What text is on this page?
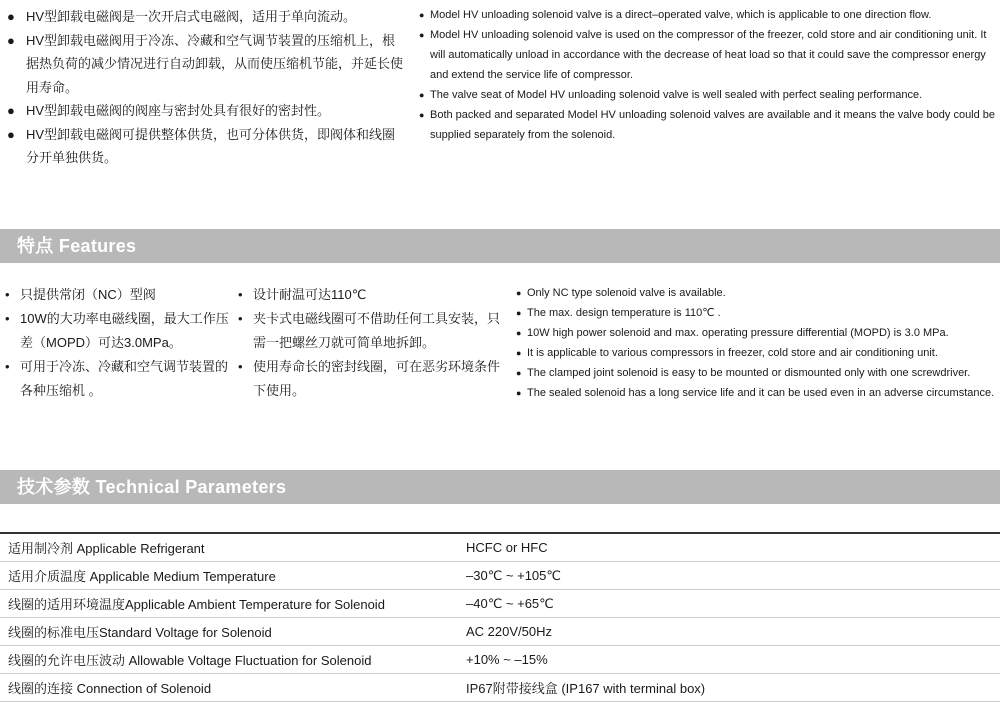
● HV型卸载电磁阀是一次开启式电磁阀，适用于单向流动。
● HV型卸载电磁阀用于冷冻、冷藏和空气调节装置的压缩机上，根据热负荷的减少情况进行自动卸载，从而使压缩机节能，并延长使用寿命。
● HV型卸载电磁阀的阀座与密封处具有很好的密封性。
● HV型卸载电磁阀可提供整体供货，也可分体供货，即阀体和线圈分开单独供货。
● Model HV unloading solenoid valve is a direct–operated valve, which is applicable to one direction flow.
● Model HV unloading solenoid valve is used on the compressor of the freezer, cold store and air conditioning unit. It will automatically unload in accordance with the decrease of heat load so that it could save the compressor energy and extend the service life of compressor.
● The valve seat of Model HV unloading solenoid valve is well sealed with perfect sealing performance.
● Both packed and separated Model HV unloading solenoid valves are available and it means the valve body could be supplied separately from the solenoid.
特点 Features
• 只提供常闭（NC）型阀
• 10W的大功率电磁线圈，最大工作压差（MOPD）可达3.0MPa。
• 可用于冷冻、冷藏和空气调节装置的各种压缩机 。
• 设计耐温可达110℃
• 夹卡式电磁线圈可不借助任何工具安装，只需一把螺丝刀就可简单地拆卸。
• 使用寿命长的密封线圈，可在恶劣环境条件下使用。
● Only NC type solenoid valve is available.
● The max. design temperature is 110℃ .
● 10W high power solenoid and max. operating pressure differential (MOPD) is 3.0 MPa.
● It is applicable to various compressors in freezer, cold store and air conditioning unit.
● The clamped joint solenoid is easy to be mounted or dismounted only with one screwdriver.
● The sealed solenoid has a long service life and it can be used even in an adverse circumstance.
技术参数 Technical Parameters
适用制冷剂 Applicable Refrigerant	HCFC or HFC
适用介质温度 Applicable Medium Temperature	–30℃ ~ +105℃
线圈的适用环境温度Applicable Ambient Temperature for Solenoid	–40℃ ~ +65℃
线圈的标准电压Standard Voltage for Solenoid	AC 220V/50Hz
线圈的允许电压波动 Allowable Voltage Fluctuation for Solenoid	+10% ~ –15%
线圈的连接 Connection of Solenoid	IP67附带接线盒 (IP167 with terminal box)
